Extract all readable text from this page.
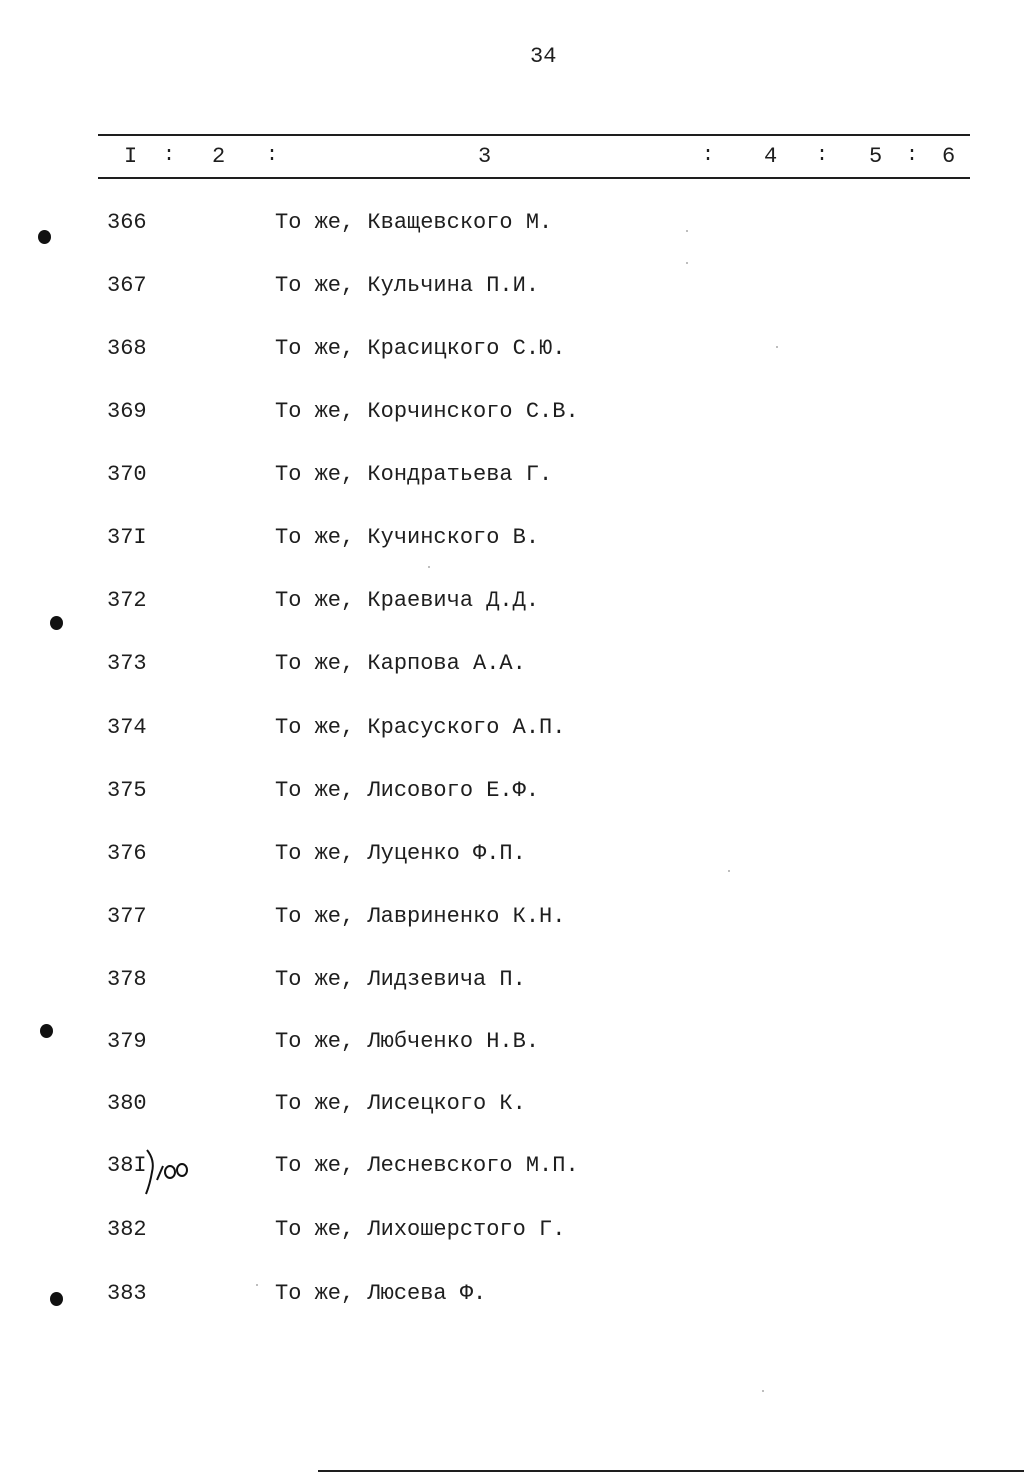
34
I : 2 :	3	: 4 : 5 : 6
366	То же, Кващевского М.
367	То же, Кульчина П.И.
368	То же, Красицкого С.Ю.
369	То же, Корчинского С.В.
370	То же, Кондратьева Г.
37I	То же, Кучинского В.
372	То же, Краевича Д.Д.
373	То же, Карпова А.А.
374	То же, Красуского А.П.
375	То же, Лисового Е.Ф.
376	То же, Луценко Ф.П.
377	То же, Лавриненко К.Н.
378	То же, Лидзевича П.
379	То же, Любченко Н.В.
380	То же, Лисецкого К.
38I	То же, Лесневского М.П.
382	То же, Лихошерстого Г.
383	То же, Люсева Ф.
